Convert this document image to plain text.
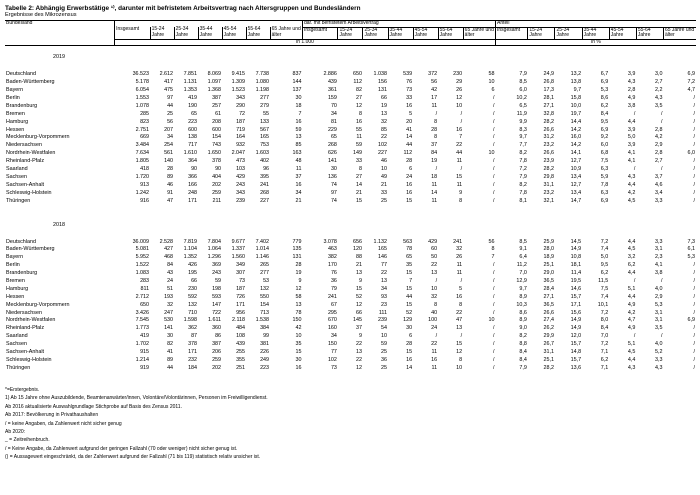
Tabelle 2: Abhängig Erwerbstätige ¹⁾, darunter mit befristetem Arbeitsvertrag nach Altersgruppen und Bundesländern
Ergebnisse des Mikrozensus
Bundesland								dar. mit befristetem Arbeitsvertrag							Anteil						
	Insgesamt	15-24 Jahre	25-34 Jahre	35-44 Jahre	45-54 Jahre	55-64 Jahre	65 Jahre und älter	Insgesamt	15-24 Jahre	25-34 Jahre	35-44 Jahre	45-54 Jahre	55-64 Jahre	65 Jahre und älter	Insgesamt	15-24 Jahre	25-34 Jahre	35-44 Jahre	45-54 Jahre	55-64 Jahre	65 Jahre und älter
	in 1.000														in %						

2019																					

Deutschland	36.523	2.612	7.851	8.069	9.415	7.738	837	2.886	650	1.038	539	372	230	58	7,9	24,9	13,2	6,7	3,9	3,0	6,9
Baden-Württemberg	5.178	417	1.131	1.097	1.309	1.080	144	439	112	156	76	56	29	10	8,5	26,8	13,8	6,9	4,3	2,7	7,2
Bayern	6.054	475	1.353	1.368	1.523	1.198	137	361	82	131	73	42	26	6	6,0	17,3	9,7	5,3	2,8	2,2	4,7
Berlin	1.553	97	419	387	343	277	30	159	27	66	33	17	12	/	10,2	28,1	15,8	8,6	4,9	4,3	/
Brandenburg	1.078	44	190	257	290	279	18	70	12	19	16	11	10	/	6,5	27,1	10,0	6,2	3,8	3,5	/
Bremen	285	25	65	61	72	55	7	34	8	13	5	/	/	/	11,9	32,8	19,7	8,4	/	/	/
Hamburg	823	56	223	208	187	133	16	81	16	32	20	8	/	/	9,9	28,2	14,4	9,5	4,4	/	/
Hessen	2.751	207	600	600	719	567	59	229	55	85	41	28	16	/	8,3	26,6	14,2	6,9	3,9	2,8	/
Mecklenburg-Vorpommern	669	34	138	154	164	165	13	65	11	22	14	8	7	/	9,7	31,2	16,0	9,2	5,0	4,2	/
Niedersachsen	3.484	254	717	743	932	753	85	268	59	102	44	37	22	/	7,7	23,2	14,2	6,0	3,9	2,9	/
Nordrhein-Westfalen	7.634	561	1.610	1.650	2.047	1.603	163	626	149	227	112	84	44	10	8,2	26,6	14,1	6,8	4,1	2,8	6,0
Rheinland-Pfalz	1.805	140	364	378	473	402	48	141	33	46	28	19	11	/	7,8	23,9	12,7	7,5	4,1	2,7	/
Saarland	418	28	90	90	103	96	11	30	8	10	6	/	/	/	7,2	28,2	10,9	6,3	/	/	/
Sachsen	1.720	89	366	404	429	395	37	136	27	49	24	18	15	/	7,9	29,8	13,4	5,9	4,3	3,7	/
Sachsen-Anhalt	913	46	166	202	243	241	16	74	14	21	16	11	11	/	8,2	31,1	12,7	7,8	4,4	4,6	/
Schleswig-Holstein	1.242	91	248	259	343	268	34	97	21	33	16	14	9	/	7,8	23,2	13,4	6,3	4,2	3,4	/
Thüringen	916	47	171	211	239	227	21	74	15	25	15	11	8	/	8,1	32,1	14,7	6,9	4,5	3,3	/

2018																					

Deutschland	36.009	2.528	7.819	7.804	9.677	7.402	779	3.078	656	1.132	563	429	241	56	8,5	25,9	14,5	7,2	4,4	3,3	7,3
Baden-Württemberg	5.081	427	1.104	1.064	1.337	1.014	135	463	120	165	78	60	32	8	9,1	28,0	14,9	7,4	4,5	3,1	6,1
Bayern	5.952	468	1.352	1.296	1.560	1.146	131	382	88	146	65	50	26	7	6,4	18,9	10,8	5,0	3,2	2,3	5,3
Berlin	1.522	84	426	369	349	265	28	170	21	77	35	22	11	/	11,2	25,1	18,1	9,5	6,2	4,1	/
Brandenburg	1.083	43	195	243	307	277	19	76	13	22	15	13	11	/	7,0	29,0	11,4	6,2	4,4	3,8	/
Bremen	283	24	66	59	73	53	9	36	9	13	7	/	/	/	12,9	36,5	19,5	11,5	/	/	/
Hamburg	811	51	230	198	187	132	12	79	15	34	15	10	5	/	9,7	28,4	14,6	7,5	5,1	4,0	/
Hessen	2.712	193	592	593	726	550	58	241	52	93	44	32	16	/	8,9	27,1	15,7	7,4	4,4	2,9	/
Mecklenburg-Vorpommern	650	32	132	147	171	154	13	67	12	23	15	8	8	/	10,3	36,5	17,1	10,1	4,9	5,3	/
Niedersachsen	3.426	247	710	722	956	713	78	295	66	111	52	40	22	/	8,6	26,6	15,6	7,2	4,2	3,1	/
Nordrhein-Westfalen	7.545	530	1.598	1.611	2.118	1.538	150	670	145	239	129	100	47	10	8,9	27,4	14,9	8,0	4,7	3,1	6,9
Rheinland-Pfalz	1.773	141	362	360	484	384	42	160	37	54	30	24	13	/	9,0	26,2	14,9	8,4	4,9	3,5	/
Saarland	419	30	87	86	108	99	10	34	9	10	6	/	/	/	8,2	29,9	12,0	7,0	/	/	/
Sachsen	1.702	82	378	387	439	381	35	150	22	59	28	22	15	/	8,8	26,7	15,7	7,2	5,1	4,0	/
Sachsen-Anhalt	915	41	171	206	255	226	15	77	13	25	15	11	12	/	8,4	31,1	14,8	7,1	4,5	5,2	/
Schleswig-Holstein	1.214	89	232	259	355	249	30	102	22	36	16	16	8	/	8,4	25,1	15,7	6,2	4,4	3,3	/
Thüringen	919	44	184	202	251	223	16	73	12	25	14	11	10	/	7,9	28,2	13,6	7,1	4,3	4,3	/
*=Erstergebnis.
1) Ab 15 Jahre ohne Auszubildende, Beamtenanwärter/innen, Volontäre/Volontärinnen, Personen im Freiwilligendienst.
Ab 2016 aktualisierte Auswahlgrundlage Stichprobe auf Basis des Zensus 2011.
Ab 2017: Bevölkerung in Privathaushalten
/ = keine Angaben, da Zahlenwert nicht sicher genug
Ab 2020:
_ = Zeitreihenbruch.
/ = Keine Angabe, da Zahlenwert aufgrund der geringen Fallzahl (70 oder weniger) nicht sicher genug ist.
() = Aussagewert eingeschränkt, da der Zahlenwert aufgrund der Fallzahl (71 bis 119) statistisch relativ unsicher ist.
